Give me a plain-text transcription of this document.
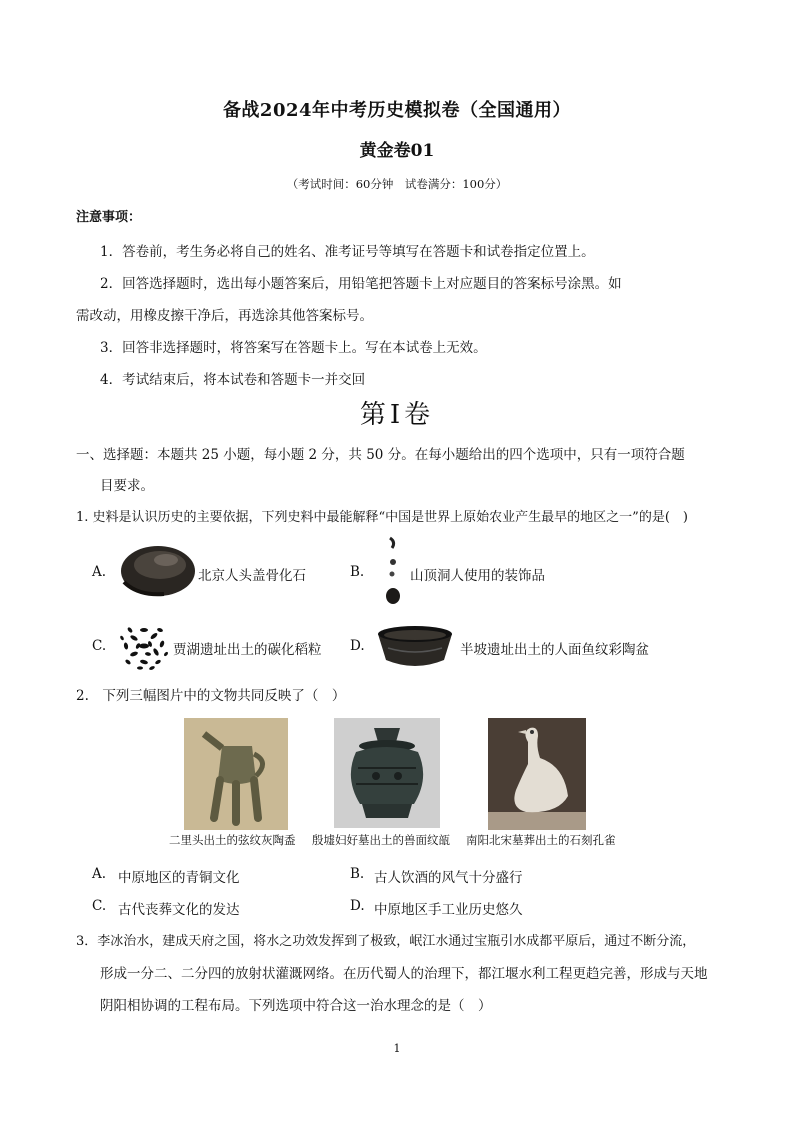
备战2024年中考历史模拟卷（全国通用）
黄金卷01
（考试时间：60分钟　试卷满分：100分）
注意事项：
1．答卷前，考生务必将自己的姓名、准考证号等填写在答题卡和试卷指定位置上。
2．回答选择题时，选出每小题答案后，用铅笔把答题卡上对应题目的答案标号涂黑。如
需改动，用橡皮擦干净后，再选涂其他答案标号。
3．回答非选择题时，将答案写在答题卡上。写在本试卷上无效。
4．考试结束后，将本试卷和答题卡一并交回
第Ⅰ卷
一、选择题：本题共 25 小题，每小题 2 分，共 50 分。在每小题给出的四个选项中，只有一项符合题
目要求。
1. 史料是认识历史的主要依据，下列史料中最能解释“中国是世界上原始农业产生最早的地区之一”的是(　)
A.	北京人头盖骨化石	B.	山顶洞人使用的装饰品
C.	贾湖遗址出土的碳化稻粒 D.	半坡遗址出土的人面鱼纹彩陶盆
2.　下列三幅图片中的文物共同反映了（　）
二里头出土的弦纹灰陶盉 殷墟妇好墓出土的兽面纹瓿 南阳北宋墓葬出土的石刻孔雀
A. 中原地区的青铜文化	B. 古人饮酒的风气十分盛行
C. 古代丧葬文化的发达	D. 中原地区手工业历史悠久
3．李冰治水，建成天府之国，将水之功效发挥到了极致，岷江水通过宝瓶引水成都平原后，通过不断分流，
形成一分二、二分四的放射状灌溉网络。在历代蜀人的治理下，都江堰水利工程更趋完善，形成与天地
阴阳相协调的工程布局。下列选项中符合这一治水理念的是（　）
1
